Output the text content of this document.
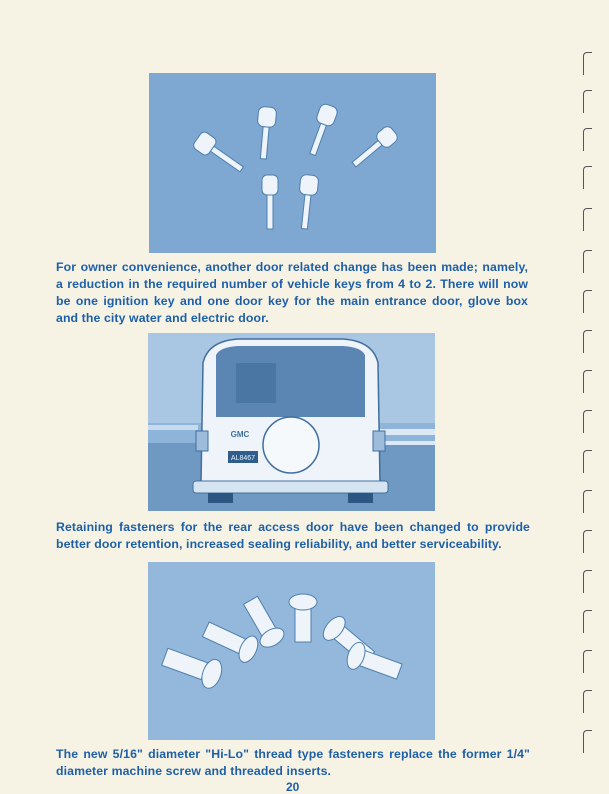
For owner convenience, another door related change has been made; namely, a reduction in the required number of vehicle keys from 4 to 2. There will now be one ignition key and one door key for the main entrance door, glove box and the city water and electric door.

AL8467
GMC

Retaining fasteners for the rear access door have been changed to provide better door retention, increased sealing reliability, and better serviceability.

The new 5/16" diameter "Hi-Lo" thread type fasteners replace the former 1/4" diameter machine screw and threaded inserts.

20
